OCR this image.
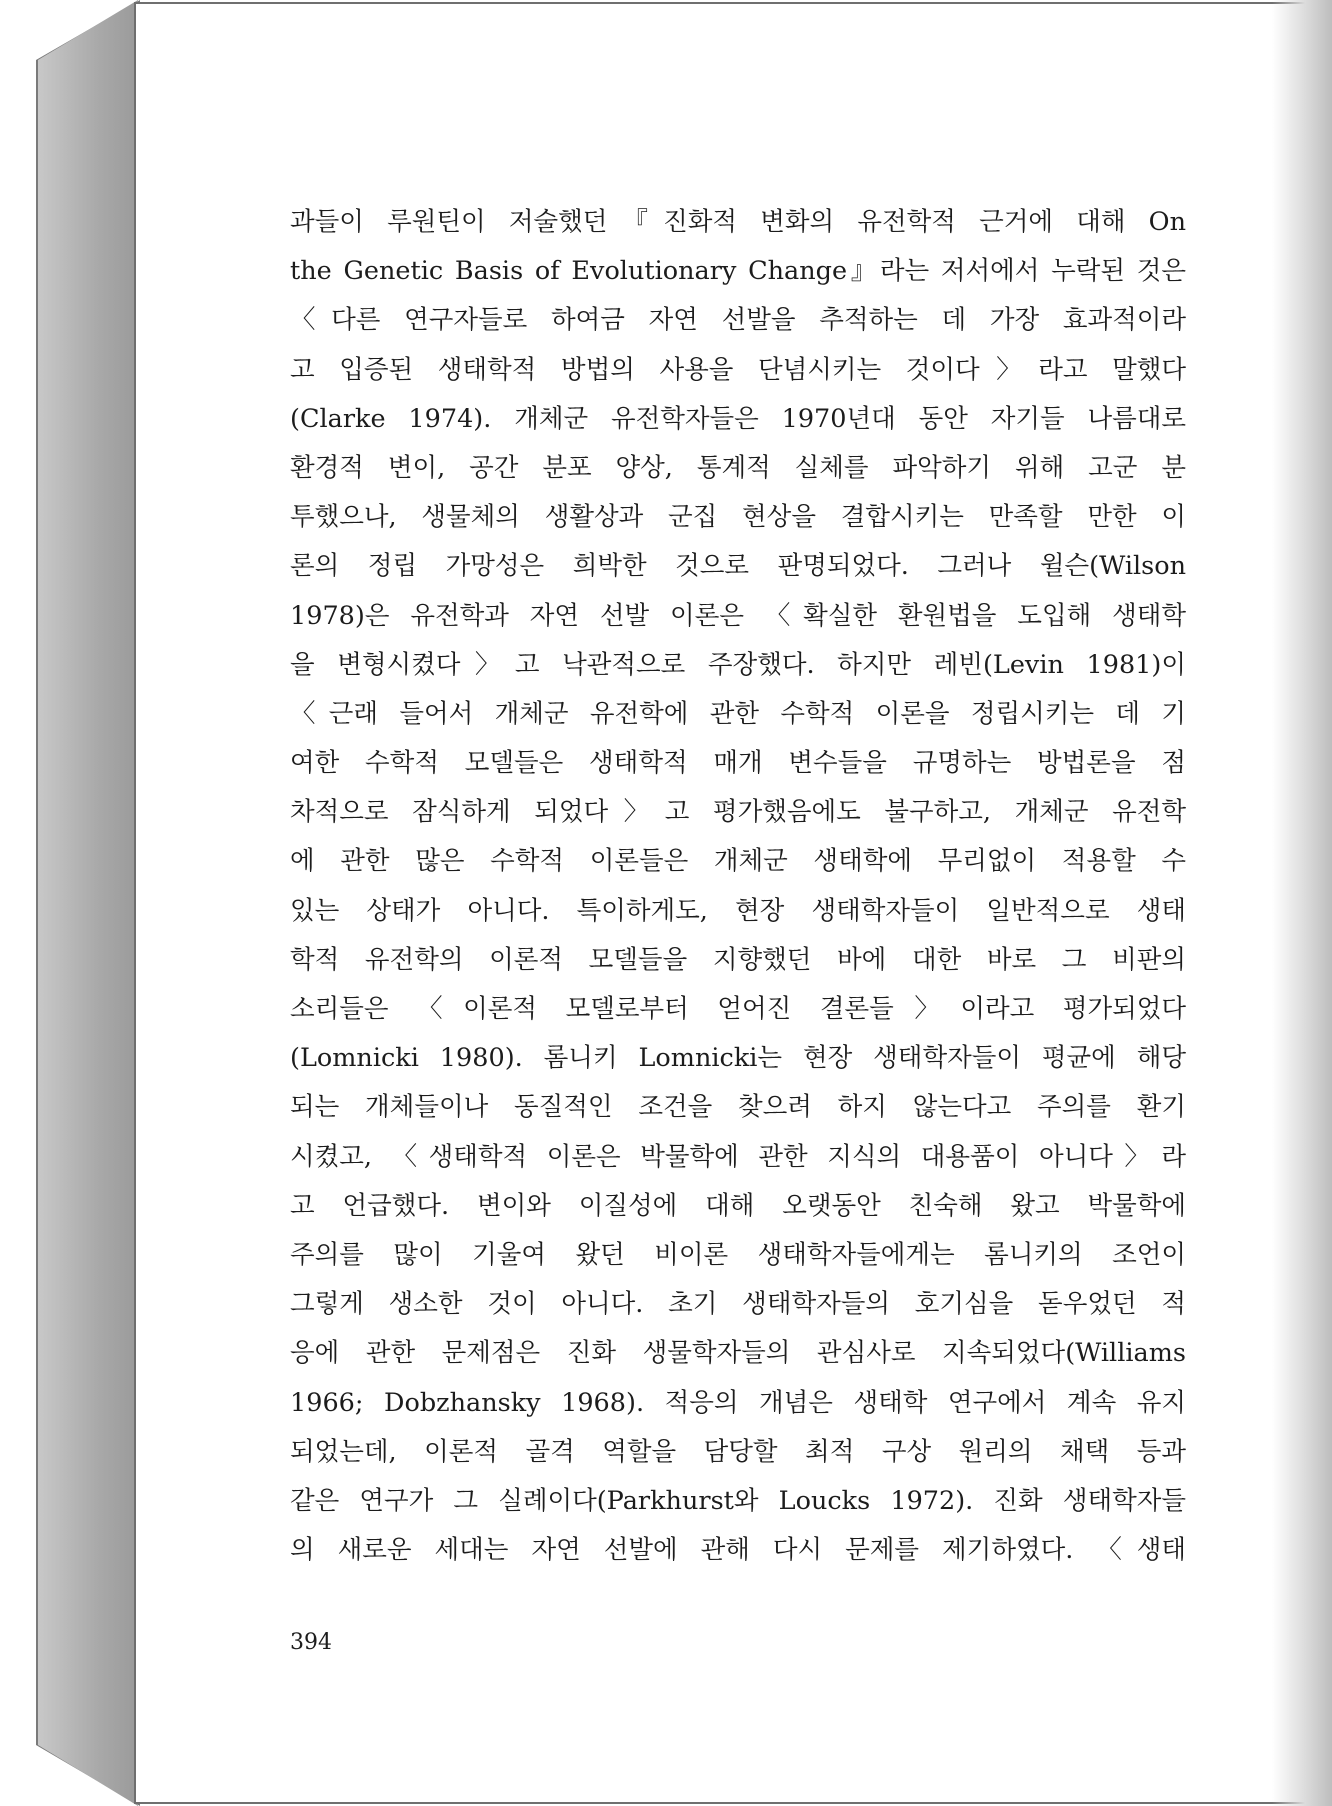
과들이 루원틴이 저술했던『진화적 변화의 유전학적 근거에 대해 On
the Genetic Basis of Evolutionary Change』라는 저서에서 누락된 것은
〈다른 연구자들로 하여금 자연 선발을 추적하는 데 가장 효과적이라
고 입증된 생태학적 방법의 사용을 단념시키는 것이다〉라고 말했다
(Clarke 1974). 개체군 유전학자들은 1970년대 동안 자기들 나름대로
환경적 변이, 공간 분포 양상, 통계적 실체를 파악하기 위해 고군 분
투했으나, 생물체의 생활상과 군집 현상을 결합시키는 만족할 만한 이
론의 정립 가망성은 희박한 것으로 판명되었다. 그러나 윌슨(Wilson
1978)은 유전학과 자연 선발 이론은 〈확실한 환원법을 도입해 생태학
을 변형시켰다〉고 낙관적으로 주장했다. 하지만 레빈(Levin 1981)이
〈근래 들어서 개체군 유전학에 관한 수학적 이론을 정립시키는 데 기
여한 수학적 모델들은 생태학적 매개 변수들을 규명하는 방법론을 점
차적으로 잠식하게 되었다〉고 평가했음에도 불구하고, 개체군 유전학
에 관한 많은 수학적 이론들은 개체군 생태학에 무리없이 적용할 수
있는 상태가 아니다. 특이하게도, 현장 생태학자들이 일반적으로 생태
학적 유전학의 이론적 모델들을 지향했던 바에 대한 바로 그 비판의
소리들은 〈이론적 모델로부터 얻어진 결론들〉이라고 평가되었다
(Lomnicki 1980). 롬니키 Lomnicki는 현장 생태학자들이 평균에 해당
되는 개체들이나 동질적인 조건을 찾으려 하지 않는다고 주의를 환기
시켰고, 〈생태학적 이론은 박물학에 관한 지식의 대용품이 아니다〉라
고 언급했다. 변이와 이질성에 대해 오랫동안 친숙해 왔고 박물학에
주의를 많이 기울여 왔던 비이론 생태학자들에게는 롬니키의 조언이
그렇게 생소한 것이 아니다. 초기 생태학자들의 호기심을 돋우었던 적
응에 관한 문제점은 진화 생물학자들의 관심사로 지속되었다(Williams
1966; Dobzhansky 1968). 적응의 개념은 생태학 연구에서 계속 유지
되었는데, 이론적 골격 역할을 담당할 최적 구상 원리의 채택 등과
같은 연구가 그 실례이다(Parkhurst와 Loucks 1972). 진화 생태학자들
의 새로운 세대는 자연 선발에 관해 다시 문제를 제기하였다. 〈생태
394
